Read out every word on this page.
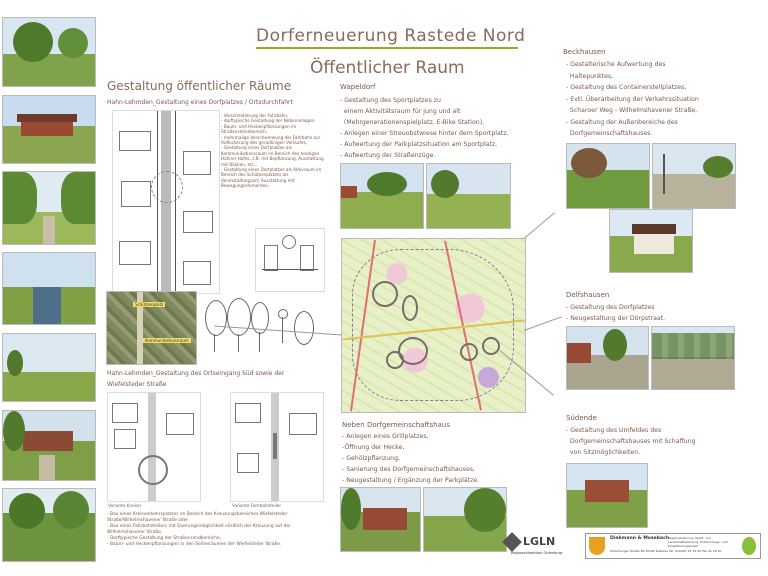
Dorferneuerung Rastede Nord
Öffentlicher Raum
Gestaltung öffentlicher Räume
Hahn-Lehmden_Gestaltung eines Dorfplatzes / Ortsdurchfahrt
- Verschmälerung der Fahrbahn,
- dorftypische Gestaltung der Nebenanlagen,
- Baum- und Heckenpflanzungen im Straßenseitenbereich,
- mehrmalige Verschwenkung der Fahrbahn zur Auflockerung des geradlinigen Verlaufes,
- Gestaltung eines Dorfplatzes als Kommunikationsraum im Bereich des heutigen Hahner Hofes, z.B. mit Bepflanzung, Ausstattung mit Bänken, etc.,
- Gestaltung eines Dorfplatzes als Aktivraum im Bereich des Schützenplatzes als Veranstaltungsort, Ausstattung mit Bewegungselementen.
Schützenplatz
Kommunikationsraum
Hahn-Lehmden_Gestaltung des Ortseingang Süd sowie der Wiefelsteder Straße
Variante Kreisel	Variante Fahrbahnteiler
- Bau eines Kreisverkehrsplatzes im Bereich des Kreuzungsbereiches Wiefelsteder Straße/Wilhelmshavener Straße oder
- Bau eines Fahrbahnteilers mit Querungsmöglichkeit nördlich der Kreuzung auf der Wilhelmshavener Straße,
- Dorftypische Gestaltung der Straßenrandbereiche,
- Baum- und Heckenpflanzungen in den Seitenräumen der Wiefelsteder Straße.
Wapeldorf
- Gestaltung des Sportplatzes zu
einem Aktivitätsraum für jung und alt
(Mehrgenerationenspielplatz, E-Bike Station),
- Anlegen einer Streuobstwiese hinter dem Sportplatz,
- Aufwertung der Parkplatzsituation am Sportplatz,
- Aufwertung der Straßenzüge.
Neben Dorfgemeinschaftshaus
- Anlegen eines Grillplatzes,
-Öffnung der Hecke,
- Gehölzpflanzung,
- Sanierung des Dorfgemeinschaftshauses,
- Neugestaltung / Ergänzung der Parkplätze.
Beckhausen
- Gestalterische Aufwertung des
Haltepunktes,
- Gestaltung des Containerstellplatzes,
- Evtl. Überarbeitung der Verkehrssituation
Scharoer Weg - Wilhelmshavener Straße,
- Gestaltung der Außenbereiche des
Dorfgemeinschaftshauses.
Delfshausen
- Gestaltung des Dorfplatzes
- Neugestaltung der Dörpstraat.
Südende
- Gestaltung des Umfeldes des
Dorfgemeinschaftshauses mit Schaffung
von Sitzmöglichkeiten.
LGLN
Regionaldirektion Oldenburg
Diekmann & Mosebach
Regionalplanung, Stadt- und Landschaftsplanung, Entwicklungs- und Projektmanagement
Oldenburger Straße 86 26180 Rastede Tel. (04402) 91 16 30 Fax 91 16 40
